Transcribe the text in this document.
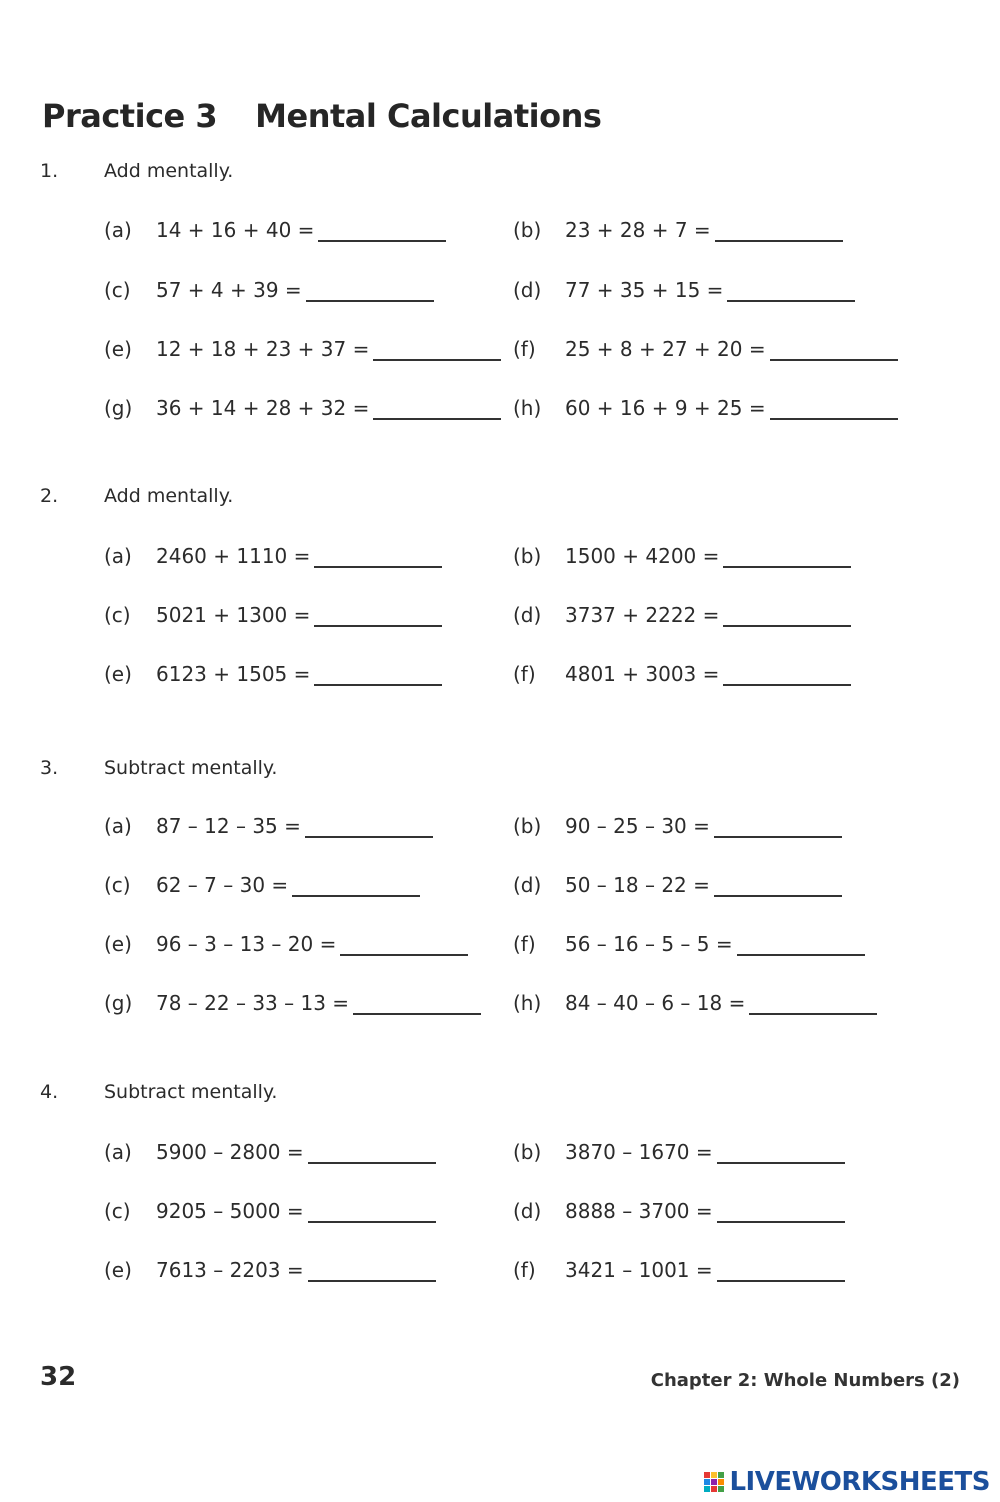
Practice 3 Mental Calculations
1. Add mentally.
(a)	14 + 16 + 40 =	(b)	23 + 28 + 7 =
(c)	57 + 4 + 39 =	(d)	77 + 35 + 15 =
(e)	12 + 18 + 23 + 37 =	(f)	25 + 8 + 27 + 20 =
(g)	36 + 14 + 28 + 32 =	(h)	60 + 16 + 9 + 25 =
2. Add mentally.
(a)	2460 + 1110 =	(b)	1500 + 4200 =
(c)	5021 + 1300 =	(d)	3737 + 2222 =
(e)	6123 + 1505 =	(f)	4801 + 3003 =
3. Subtract mentally.
(a)	87 – 12 – 35 =	(b)	90 – 25 – 30 =
(c)	62 – 7 – 30 =	(d)	50 – 18 – 22 =
(e)	96 – 3 – 13 – 20 =	(f)	56 – 16 – 5 – 5 =
(g)	78 – 22 – 33 – 13 =	(h)	84 – 40 – 6 – 18 =
4. Subtract mentally.
(a)	5900 – 2800 =	(b)	3870 – 1670 =
(c)	9205 – 5000 =	(d)	8888 – 3700 =
(e)	7613 – 2203 =	(f)	3421 – 1001 =
32	Chapter 2: Whole Numbers (2)
LIVEWORKSHEETS
